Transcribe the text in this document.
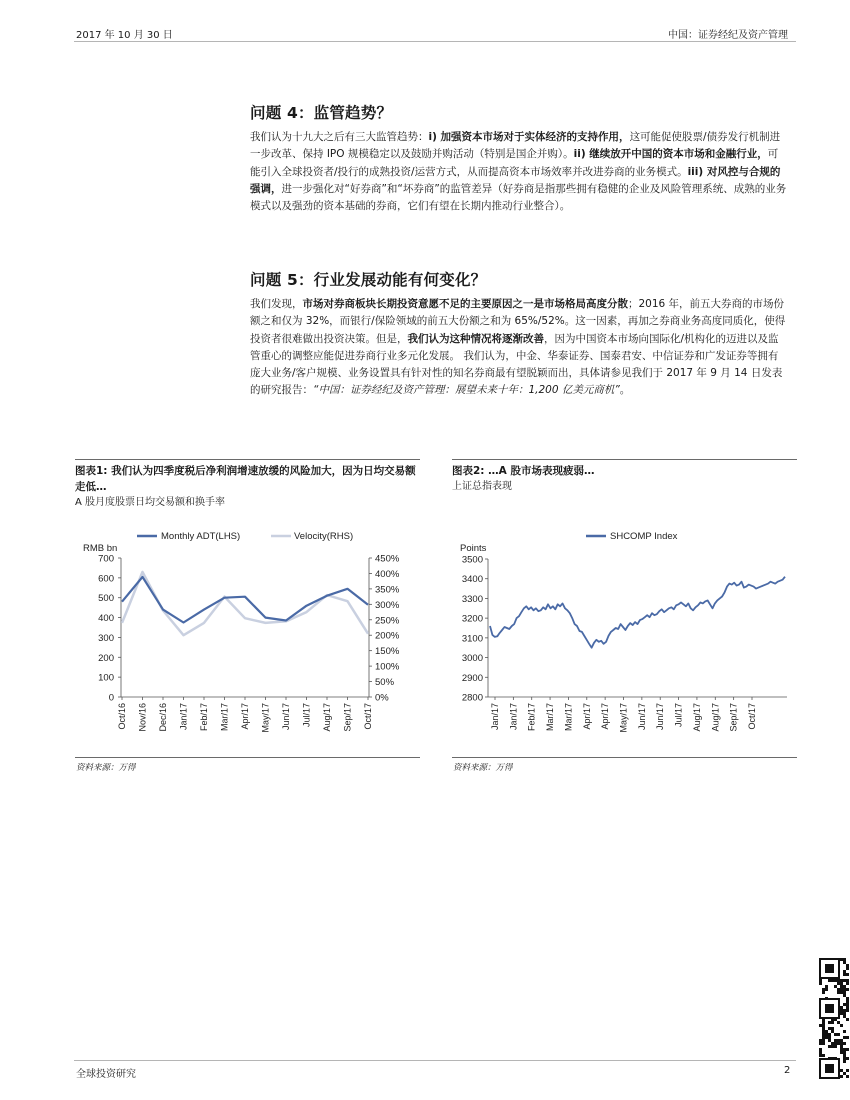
2017 年 10 月 30 日	中国：证券经纪及资产管理
问题 4：监管趋势？

我们认为十九大之后有三大监管趋势：i) 加强资本市场对于实体经济的支持作用，这可能促使股票/债券发行机制进一步改革、保持 IPO 规模稳定以及鼓励并购活动（特别是国企并购）。ii) 继续放开中国的资本市场和金融行业，可能引入全球投资者/投行的成熟投资/运营方式，从而提高资本市场效率并改进券商的业务模式。iii) 对风控与合规的强调，进一步强化对“好券商”和“坏券商”的监管差异（好券商是指那些拥有稳健的企业及风险管理系统、成熟的业务模式以及强劲的资本基础的券商，它们有望在长期内推动行业整合）。

问题 5：行业发展动能有何变化？

我们发现，市场对券商板块长期投资意愿不足的主要原因之一是市场格局高度分散；2016 年，前五大券商的市场份额之和仅为 32%，而银行/保险领域的前五大份额之和为 65%/52%。这一因素，再加之券商业务高度同质化，使得投资者很难做出投资决策。但是，我们认为这种情况将逐渐改善，因为中国资本市场向国际化/机构化的迈进以及监管重心的调整应能促进券商行业多元化发展。 我们认为，中金、华泰证券、国泰君安、中信证券和广发证券等拥有庞大业务/客户规模、业务设置具有针对性的知名券商最有望脱颖而出，具体请参见我们于 2017 年 9 月 14 日发表的研究报告：“中国：证券经纪及资产管理：展望未来十年：1,200 亿美元商机”。

图表1: 我们认为四季度税后净利润增速放缓的风险加大，因为日均交易额走低…
A 股月度股票日均交易额和换手率
Monthly ADT(LHS)	Velocity(RHS)
RMB bn
0
100
200
300
400
500
600
700
0%
50%
100%
150%
200%
250%
300%
350%
400%
450%
Oct/16 Nov/16 Dec/16 Jan/17 Feb/17 Mar/17 Apr/17 May/17 Jun/17 Jul/17 Aug/17 Sep/17 Oct/17
图表2: …A 股市场表现疲弱…
上证总指表现
SHCOMP Index
Points
2800
2900
3000
3100
3200
3300
3400
3500
Jan/17 Jan/17 Feb/17 Mar/17 Mar/17 Apr/17 Apr/17 May/17 Jun/17 Jun/17 Jul/17 Aug/17 Aug/17 Sep/17 Oct/17
资料来源：万得	资料来源：万得
全球投资研究	2
